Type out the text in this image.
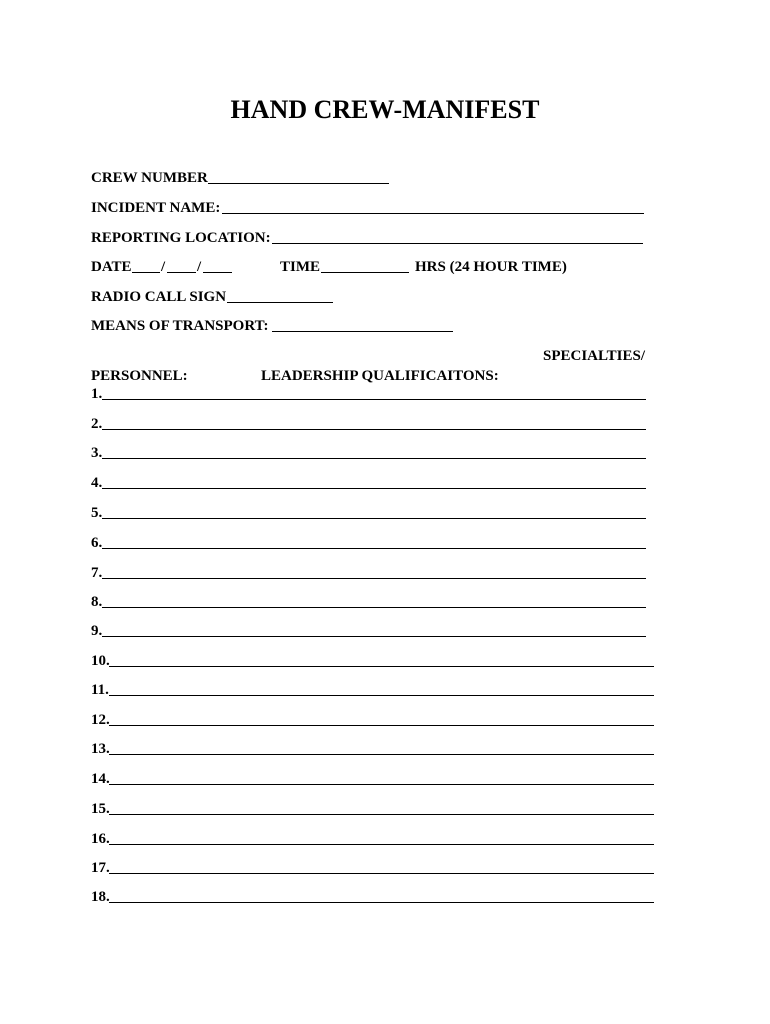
HAND CREW-MANIFEST
CREW NUMBER
INCIDENT NAME:
REPORTING LOCATION:
DATE / /	TIME	HRS (24 HOUR TIME)
RADIO CALL SIGN
MEANS OF TRANSPORT:
SPECIALTIES/
PERSONNEL:	LEADERSHIP QUALIFICAITONS:
1.
2.
3.
4.
5.
6.
7.
8.
9.
10.
11.
12.
13.
14.
15.
16.
17.
18.
